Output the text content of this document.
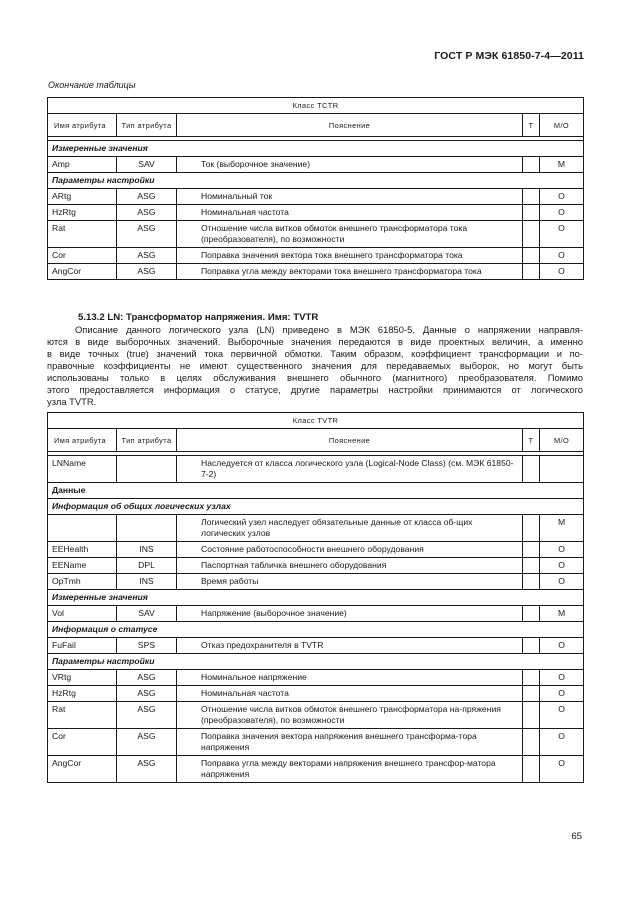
ГОСТ Р МЭК 61850-7-4—2011
Окончание таблицы
Класс TCTR				
Имя атрибута	Тип атрибута	Пояснение	T	M/O

Измеренные значения				
Amp	SAV	Ток (выборочное значение)		M
Параметры настройки				
ARtg	ASG	Номинальный ток		O
HzRtg	ASG	Номинальная частота		O
Rat	ASG	Отношение числа витков обмоток внешнего трансформатора тока (преобразователя), по возможности		O
Cor	ASG	Поправка значения вектора тока внешнего трансформатора тока		O
AngCor	ASG	Поправка угла между векторами тока внешнего трансформатора тока		O
5.13.2 LN: Трансформатор напряжения. Имя: TVTR
Описание данного логического узла (LN) приведено в МЭК 61850-5. Данные о напряжении направля-
ются в виде выборочных значений. Выборочные значения передаются в виде проектных величин, а именно
в виде точных (true) значений тока первичной обмотки. Таким образом, коэффициент трансформации и по-
правочные коэффициенты не имеют существенного значения для передаваемых выборок, но могут быть
использованы только в целях обслуживания внешнего обычного (магнитного) преобразователя. Помимо
этого предоставляется информация о статусе, другие параметры настройки принимаются от логического
узла TVTR.
Класс TVTR				
Имя атрибута	Тип атрибута	Пояснение	T	M/O

LNName		Наследуется от класса логического узла (Logical-Node Class) (см. МЭК 61850-7-2)		
Данные				
Информация об общих логических узлах				
		Логический узел наследует обязательные данные от класса об-щих логических узлов		M
EEHealth	INS	Состояние работоспособности внешнего оборудования		O
EEName	DPL	Паспортная табличка внешнего оборудования		O
OpTmh	INS	Время работы		O
Измеренные значения				
Vol	SAV	Напряжение (выборочное значение)		M
Информация о статусе				
FuFail	SPS	Отказ предохранителя в TVTR		O
Параметры настройки				
VRtg	ASG	Номинальное напряжение		O
HzRtg	ASG	Номинальная частота		O
Rat	ASG	Отношение числа витков обмоток внешнего трансформатора на-пряжения (преобразователя), по возможности		O
Cor	ASG	Поправка значения вектора напряжения внешнего трансформа-тора напряжения		O
AngCor	ASG	Поправка угла между векторами напряжения внешнего трансфор-матора напряжения		O
65
